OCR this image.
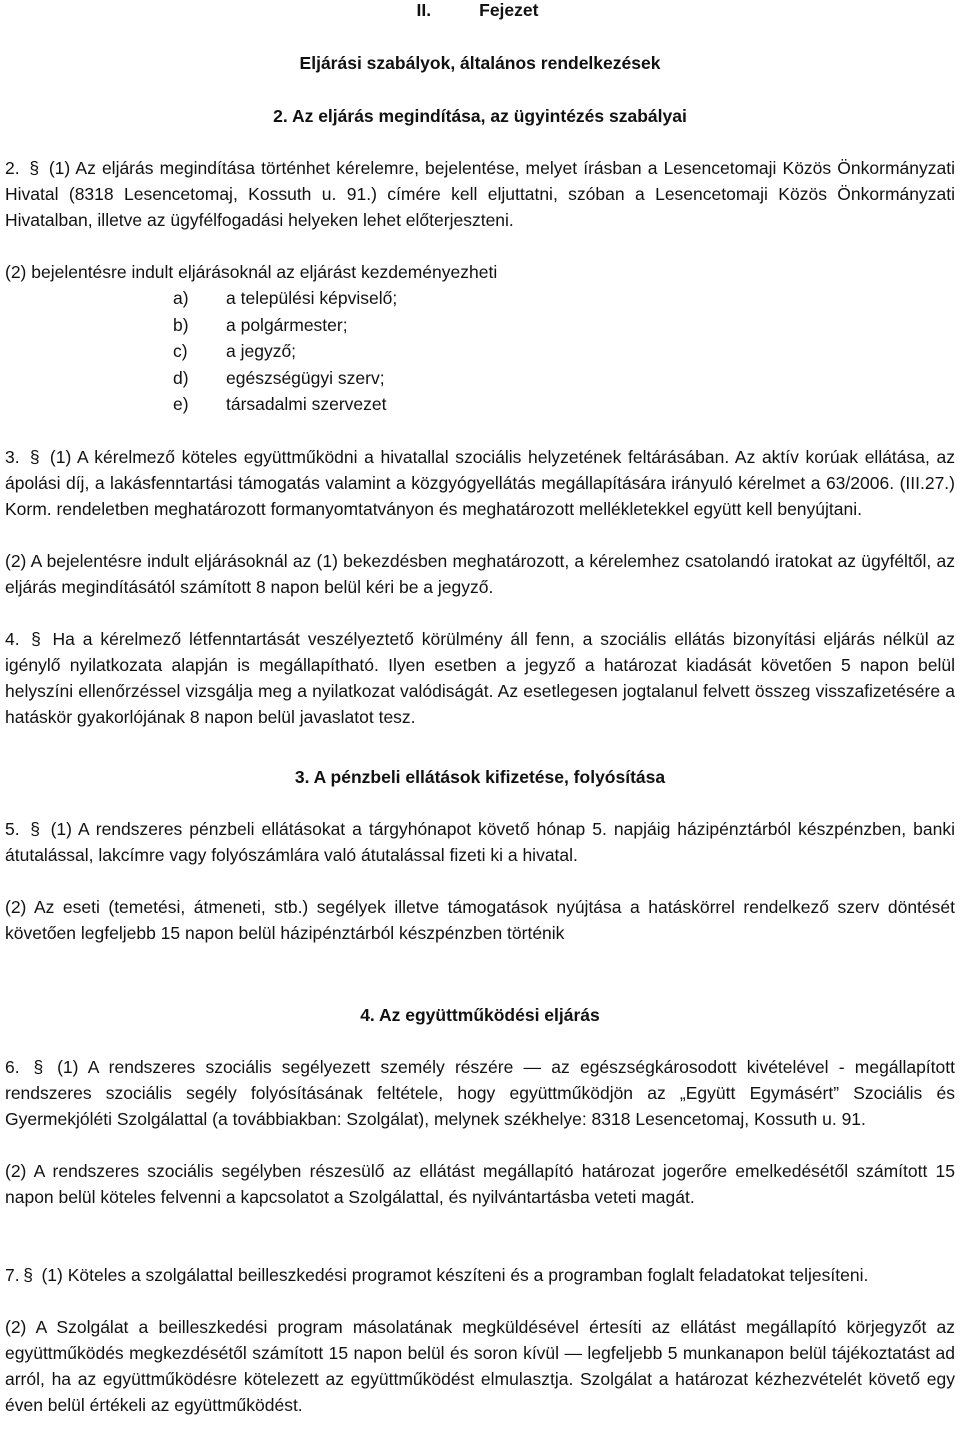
II.	Fejezet
Eljárási szabályok, általános rendelkezések
2. Az eljárás megindítása, az ügyintézés szabályai

2. § (1) Az eljárás megindítása történhet kérelemre, bejelentése, melyet írásban a Lesencetomaji Közös Önkormányzati Hivatal (8318 Lesencetomaj, Kossuth u. 91.) címére kell eljuttatni, szóban a Lesencetomaji Közös Önkormányzati Hivatalban, illetve az ügyfélfogadási helyeken lehet előterjeszteni.

(2) bejelentésre indult eljárásoknál az eljárást kezdeményezheti

a)	a települési képviselő;
b)	a polgármester;
c)	a jegyző;
d)	egészségügyi szerv;
e)	társadalmi szervezet

3. § (1) A kérelmező köteles együttműködni a hivatallal szociális helyzetének feltárásában. Az aktív korúak ellátása, az ápolási díj, a lakásfenntartási támogatás valamint a közgyógyellátás megállapítására irányuló kérelmet a 63/2006. (III.27.) Korm. rendeletben meghatározott formanyomtatványon és meghatározott mellékletekkel együtt kell benyújtani.

(2) A bejelentésre indult eljárásoknál az (1) bekezdésben meghatározott, a kérelemhez csatolandó iratokat az ügyféltől, az eljárás megindításától számított 8 napon belül kéri be a jegyző.

4. § Ha a kérelmező létfenntartását veszélyeztető körülmény áll fenn, a szociális ellátás bizonyítási eljárás nélkül az igénylő nyilatkozata alapján is megállapítható. Ilyen esetben a jegyző a határozat kiadását követően 5 napon belül helyszíni ellenőrzéssel vizsgálja meg a nyilatkozat valódiságát. Az esetlegesen jogtalanul felvett összeg visszafizetésére a hatáskör gyakorlójának 8 napon belül javaslatot tesz.

3. A pénzbeli ellátások kifizetése, folyósítása

5. § (1) A rendszeres pénzbeli ellátásokat a tárgyhónapot követő hónap 5. napjáig házipénztárból készpénzben, banki átutalással, lakcímre vagy folyószámlára való átutalással fizeti ki a hivatal.

(2) Az eseti (temetési, átmeneti, stb.) segélyek illetve támogatások nyújtása a hatáskörrel rendelkező szerv döntését követően legfeljebb 15 napon belül házipénztárból készpénzben történik

4. Az együttműködési eljárás

6. § (1) A rendszeres szociális segélyezett személy részére — az egészségkárosodott kivételével - megállapított rendszeres szociális segély folyósításának feltétele, hogy együttműködjön az „Együtt Egymásért” Szociális és Gyermekjóléti Szolgálattal (a továbbiakban: Szolgálat), melynek székhelye: 8318 Lesencetomaj, Kossuth u. 91.

(2) A rendszeres szociális segélyben részesülő az ellátást megállapító határozat jogerőre emelkedésétől számított 15 napon belül köteles felvenni a kapcsolatot a Szolgálattal, és nyilvántartásba veteti magát.

7. § (1) Köteles a szolgálattal beilleszkedési programot készíteni és a programban foglalt feladatokat teljesíteni.

(2) A Szolgálat a beilleszkedési program másolatának megküldésével értesíti az ellátást megállapító körjegyzőt az együttműködés megkezdésétől számított 15 napon belül és soron kívül — legfeljebb 5 munkanapon belül tájékoztatást ad arról, ha az együttműködésre kötelezett az együttműködést elmulasztja. Szolgálat a határozat kézhezvételét követő egy éven belül értékeli az együttműködést.
